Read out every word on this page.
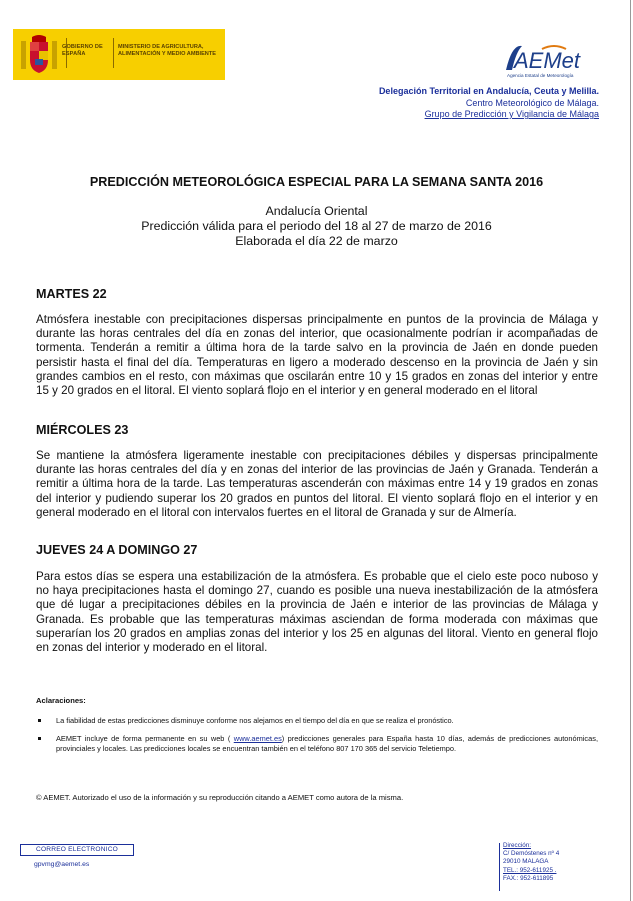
GOBIERNO DE ESPAÑA
MINISTERIO DE AGRICULTURA, ALIMENTACIÓN Y MEDIO AMBIENTE	AEMet
Agencia Estatal de Meteorología
Delegación Territorial en Andalucía, Ceuta y Melilla.
Centro Meteorológico de Málaga.
Grupo de Predicción y Vigilancia de Málaga
PREDICCIÓN METEOROLÓGICA ESPECIAL PARA LA SEMANA SANTA 2016
Andalucía Oriental
Predicción válida para el periodo del 18 al 27 de marzo de 2016
Elaborada el día 22 de marzo
MARTES 22
Atmósfera inestable con precipitaciones dispersas principalmente en puntos de la provincia de Málaga y durante las horas centrales del día en zonas del interior, que ocasionalmente podrían ir acompañadas de tormenta. Tenderán a remitir a última hora de la tarde salvo en la provincia de Jaén en donde pueden persistir hasta el final del día. Temperaturas en ligero a moderado descenso en la provincia de Jaén y sin grandes cambios en el resto, con máximas que oscilarán entre 10 y 15 grados en zonas del interior y entre 15 y 20 grados en el litoral. El viento soplará flojo en el interior y en general moderado en el litoral
MIÉRCOLES 23
Se mantiene la atmósfera ligeramente inestable con precipitaciones débiles y dispersas principalmente durante las horas centrales del día y en zonas del interior de las provincias de Jaén y Granada. Tenderán a remitir a última hora de la tarde. Las temperaturas ascenderán con máximas entre 14 y 19 grados en zonas del interior y pudiendo superar los 20 grados en puntos del litoral. El viento soplará flojo en el interior y en general moderado en el litoral con intervalos fuertes en el litoral de Granada y sur de Almería.
JUEVES 24 A DOMINGO 27
Para estos días se espera una estabilización de la atmósfera. Es probable que el cielo este poco nuboso y no haya precipitaciones hasta el domingo 27, cuando es posible una nueva inestabilización de la atmósfera que dé lugar a precipitaciones débiles en la provincia de Jaén e interior de las provincias de Málaga y Granada. Es probable que las temperaturas máximas asciendan de forma moderada con máximas que superarían los 20 grados en amplias zonas del interior y los 25 en algunas del litoral. Viento en general flojo en zonas del interior y moderado en el litoral.
Aclaraciones:
La fiabilidad de estas predicciones disminuye conforme nos alejamos en el tiempo del día en que se realiza el pronóstico.
AEMET incluye de forma permanente en su web ( www.aemet.es) predicciones generales para España hasta 10 días, además de predicciones autonómicas, provinciales y locales. Las predicciones locales se encuentran también en el teléfono 807 170 365 del servicio Teletiempo.
© AEMET. Autorizado el uso de la información y su reproducción citando a AEMET como autora de la misma.
CORREO ELECTRONICO
gpvmg@aemet.es
Dirección:
C/ Demóstenes nº 4
29010 MALAGA
TEL.: 952-611925 .
FAX.: 952-611895
